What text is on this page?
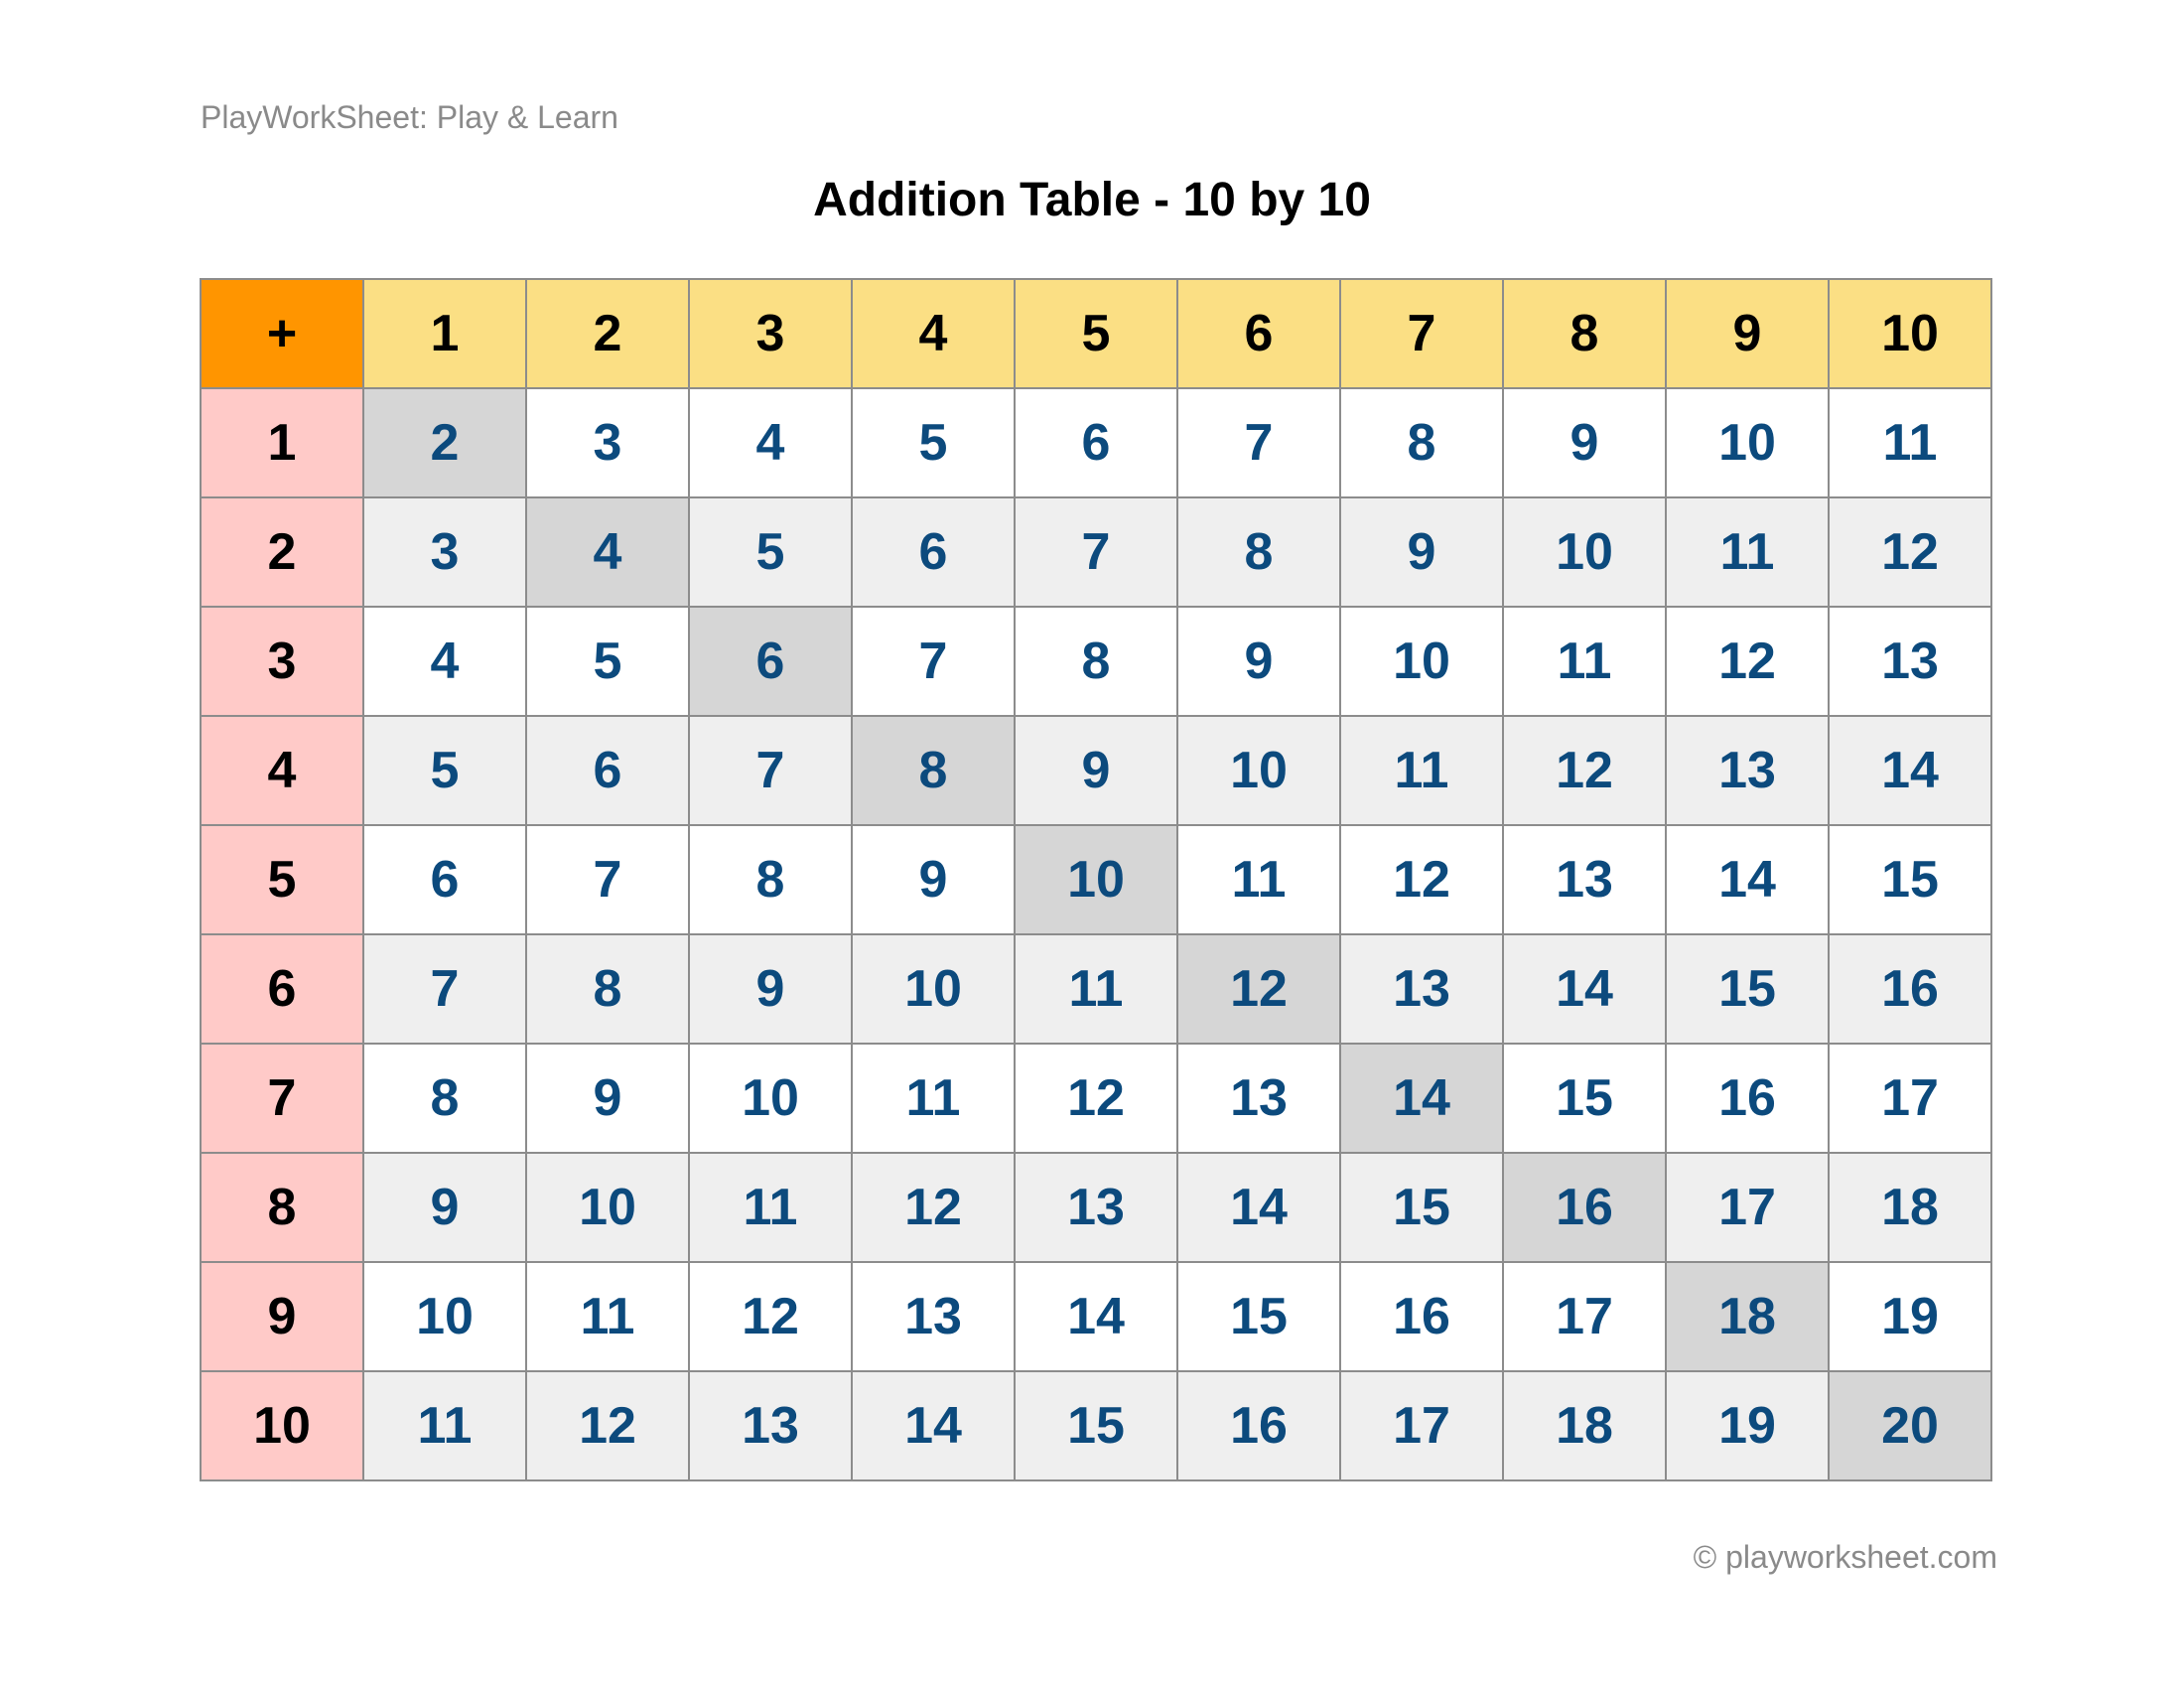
PlayWorkSheet: Play & Learn
Addition Table - 10 by 10
+	1	2	3	4	5	6	7	8	9	10
1	2	3	4	5	6	7	8	9	10	11
2	3	4	5	6	7	8	9	10	11	12
3	4	5	6	7	8	9	10	11	12	13
4	5	6	7	8	9	10	11	12	13	14
5	6	7	8	9	10	11	12	13	14	15
6	7	8	9	10	11	12	13	14	15	16
7	8	9	10	11	12	13	14	15	16	17
8	9	10	11	12	13	14	15	16	17	18
9	10	11	12	13	14	15	16	17	18	19
10	11	12	13	14	15	16	17	18	19	20
© playworksheet.com
